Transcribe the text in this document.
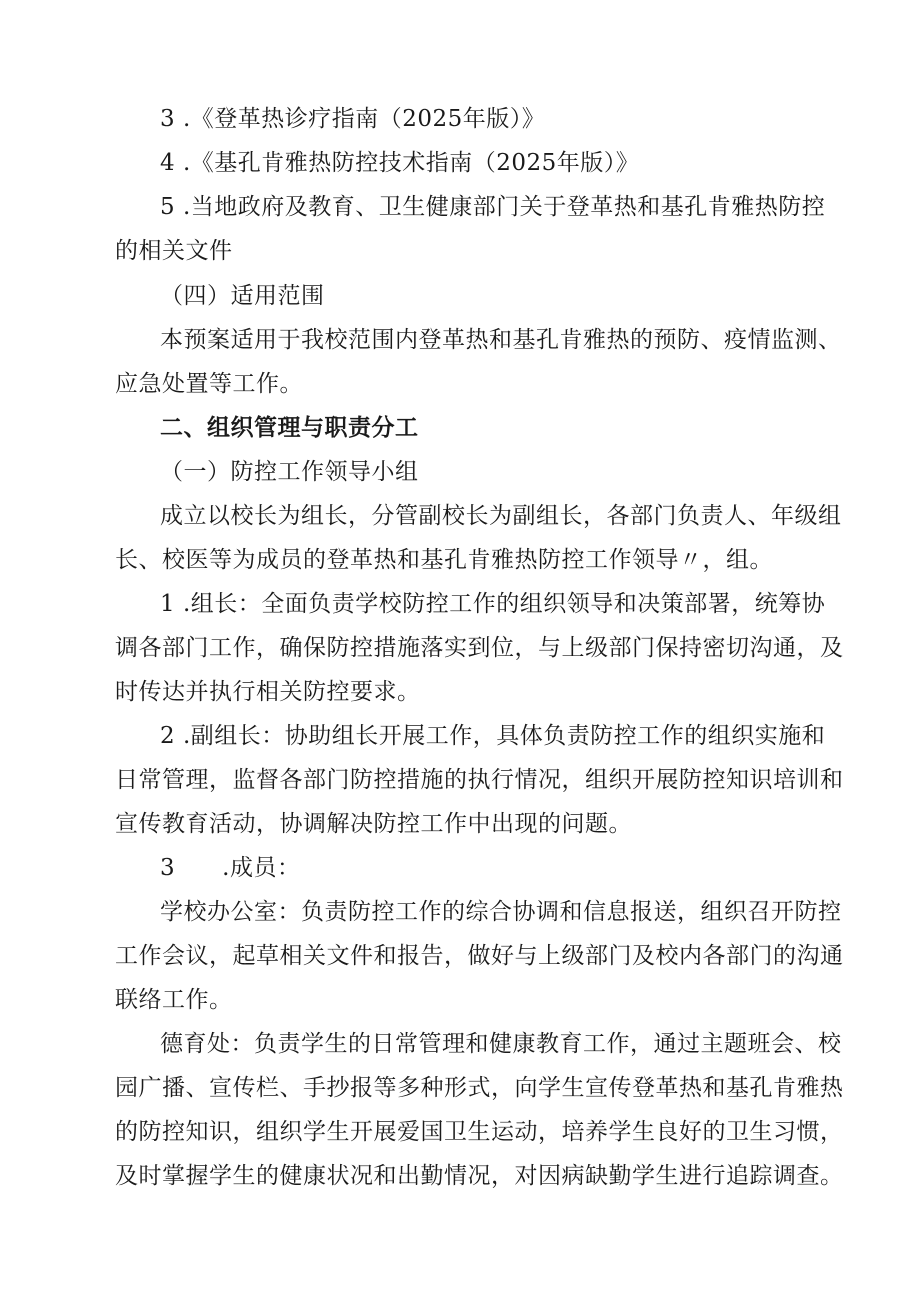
3 .《登革热诊疗指南（2025年版）》
4 .《基孔肯雅热防控技术指南（2025年版）》
5 .当地政府及教育、卫生健康部门关于登革热和基孔肯雅热防控
的相关文件
（四）适用范围
本预案适用于我校范围内登革热和基孔肯雅热的预防、疫情监测、
应急处置等工作。
二、组织管理与职责分工
（一）防控工作领导小组
成立以校长为组长，分管副校长为副组长，各部门负责人、年级组
长、校医等为成员的登革热和基孔肯雅热防控工作领导〃，组。
1 .组长：全面负责学校防控工作的组织领导和决策部署，统筹协
调各部门工作，确保防控措施落实到位，与上级部门保持密切沟通，及
时传达并执行相关防控要求。
2 .副组长：协助组长开展工作，具体负责防控工作的组织实施和
日常管理，监督各部门防控措施的执行情况，组织开展防控知识培训和
宣传教育活动，协调解决防控工作中出现的问题。
3  .成员：
学校办公室：负责防控工作的综合协调和信息报送，组织召开防控
工作会议，起草相关文件和报告，做好与上级部门及校内各部门的沟通
联络工作。
德育处：负责学生的日常管理和健康教育工作，通过主题班会、校
园广播、宣传栏、手抄报等多种形式，向学生宣传登革热和基孔肯雅热
的防控知识，组织学生开展爱国卫生运动，培养学生良好的卫生习惯，
及时掌握学生的健康状况和出勤情况，对因病缺勤学生进行追踪调查。
